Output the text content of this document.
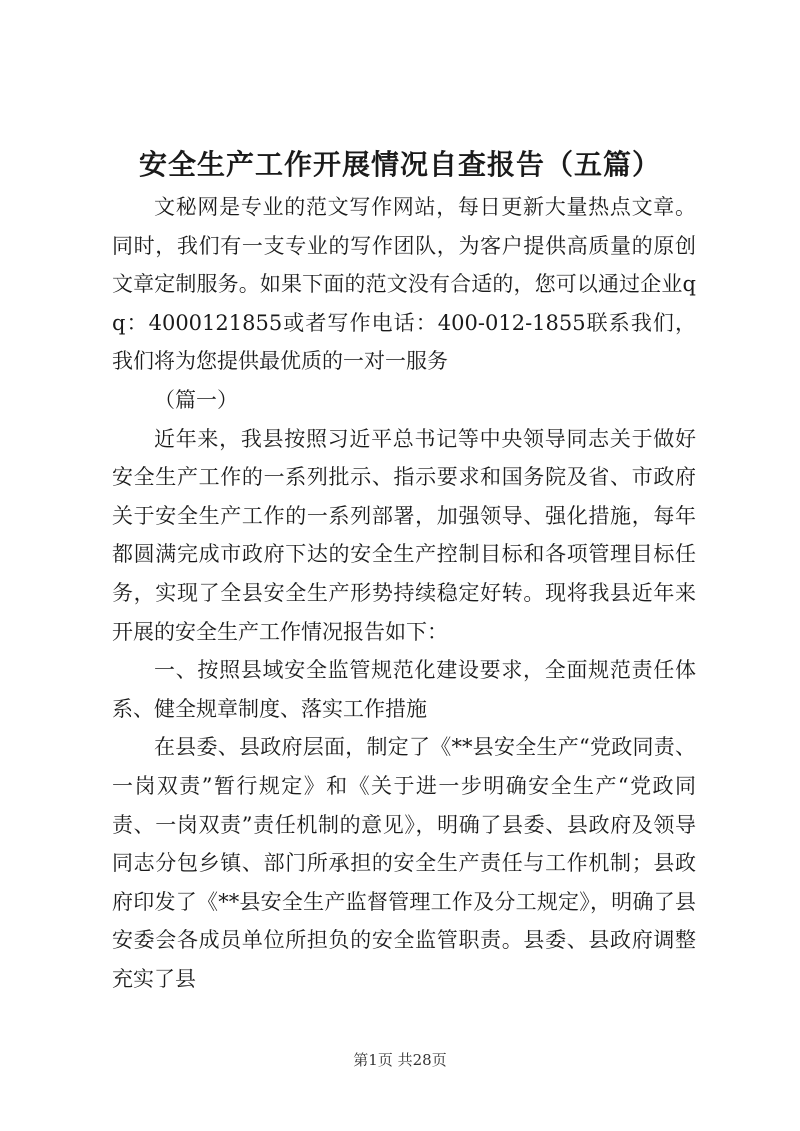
安全生产工作开展情况自查报告（五篇）

文秘网是专业的范文写作网站，每日更新大量热点文章。同时，我们有一支专业的写作团队，为客户提供高质量的原创文章定制服务。如果下面的范文没有合适的，您可以通过企业qq：4000121855或者写作电话：400-012-1855联系我们，我们将为您提供最优质的一对一服务

（篇一）

近年来，我县按照习近平总书记等中央领导同志关于做好安全生产工作的一系列批示、指示要求和国务院及省、市政府关于安全生产工作的一系列部署，加强领导、强化措施，每年都圆满完成市政府下达的安全生产控制目标和各项管理目标任务，实现了全县安全生产形势持续稳定好转。现将我县近年来开展的安全生产工作情况报告如下：

一、按照县域安全监管规范化建设要求，全面规范责任体系、健全规章制度、落实工作措施

在县委、县政府层面，制定了《**县安全生产“党政同责、一岗双责”暂行规定》和《关于进一步明确安全生产“党政同责、一岗双责”责任机制的意见》，明确了县委、县政府及领导同志分包乡镇、部门所承担的安全生产责任与工作机制；县政府印发了《**县安全生产监督管理工作及分工规定》，明确了县安委会各成员单位所担负的安全监管职责。县委、县政府调整充实了县

第1页 共28页
